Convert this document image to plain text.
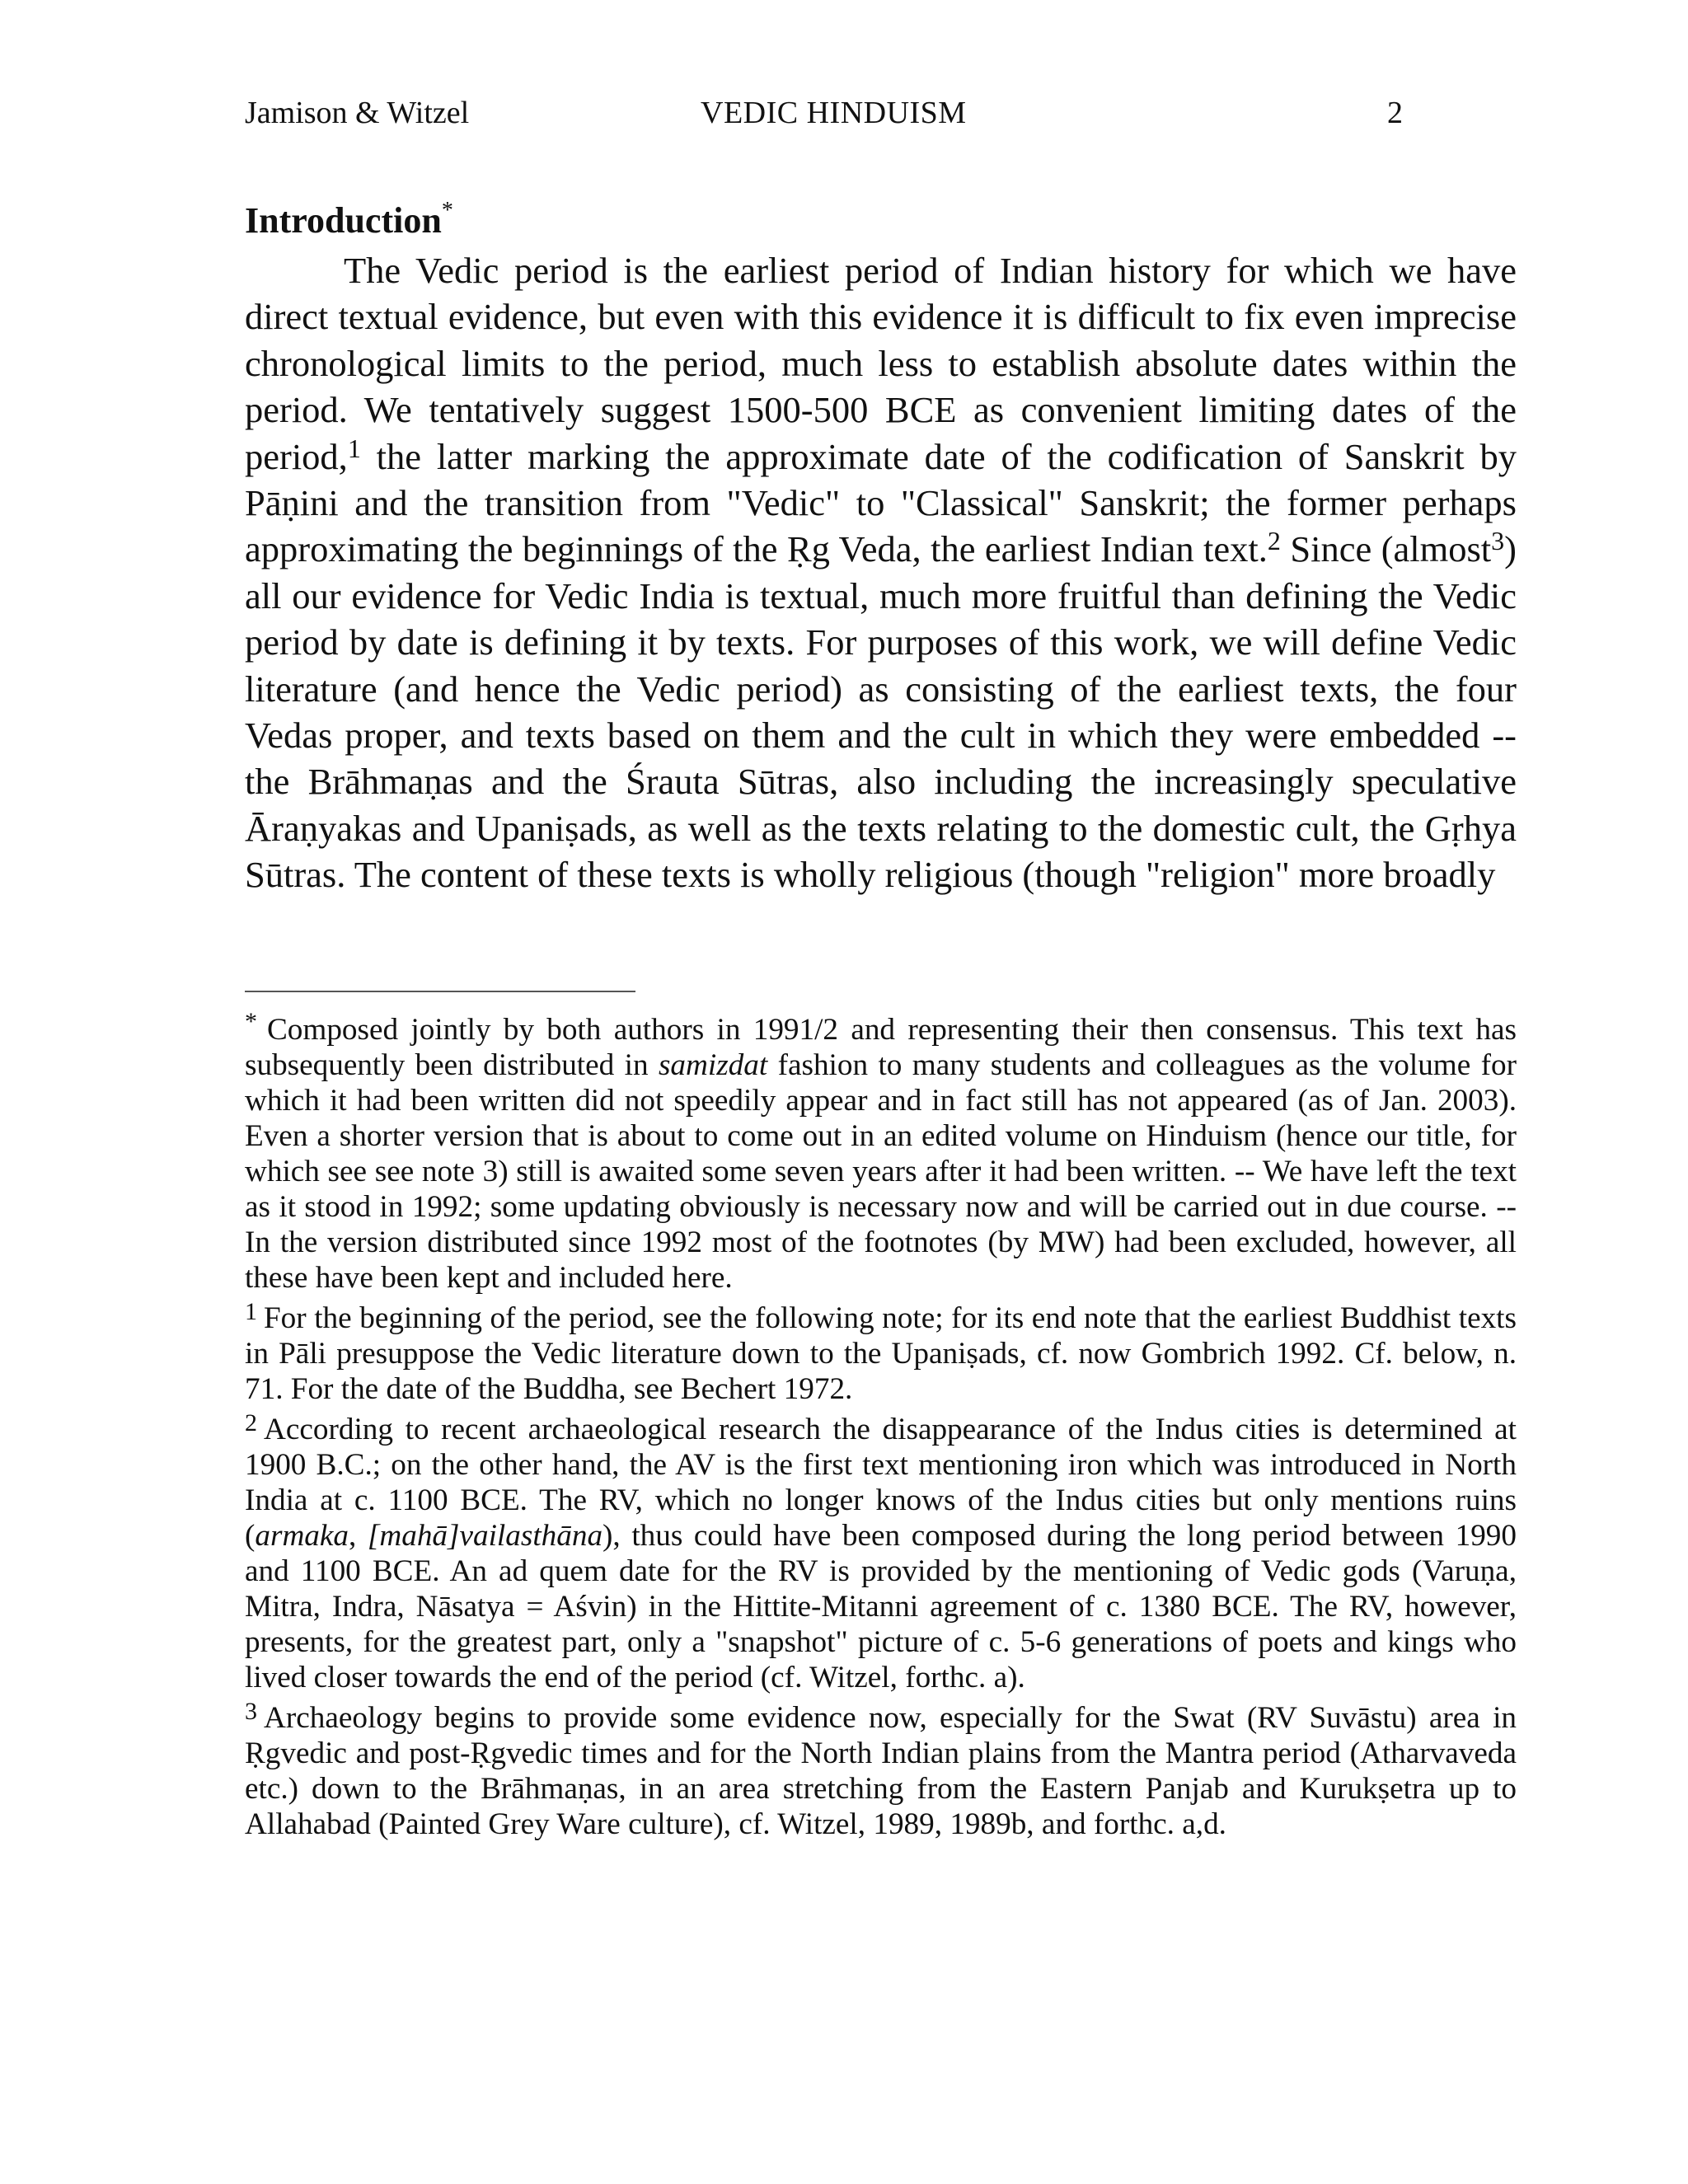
Jamison & Witzel	VEDIC HINDUISM	2
Introduction*

The Vedic period is the earliest period of Indian history for which we have direct textual evidence, but even with this evidence it is difficult to fix even imprecise chronological limits to the period, much less to establish absolute dates within the period. We tentatively suggest 1500-500 BCE as convenient limiting dates of the period,$^1$ the latter marking the approximate date of the codification of Sanskrit by Pāṇini and the transition from "Vedic" to "Classical" Sanskrit; the former perhaps approximating the beginnings of the Ṛg Veda, the earliest Indian text.$^2$ Since (almost$^3$) all our evidence for Vedic India is textual, much more fruitful than defining the Vedic period by date is defining it by texts. For purposes of this work, we will define Vedic literature (and hence the Vedic period) as consisting of the earliest texts, the four Vedas proper, and texts based on them and the cult in which they were embedded -- the Brāhmaṇas and the Śrauta Sūtras, also including the increasingly speculative Āraṇyakas and Upaniṣads, as well as the texts relating to the domestic cult, the Gṛhya Sūtras. The content of these texts is wholly religious (though "religion" more broadly

* Composed jointly by both authors in 1991/2 and representing their then consensus. This text has subsequently been distributed in samizdat fashion to many students and colleagues as the volume for which it had been written did not speedily appear and in fact still has not appeared (as of Jan. 2003). Even a shorter version that is about to come out in an edited volume on Hinduism (hence our title, for which see see note 3) still is awaited some seven years after it had been written. -- We have left the text as it stood in 1992; some updating obviously is necessary now and will be carried out in due course. -- In the version distributed since 1992 most of the footnotes (by MW) had been excluded, however, all these have been kept and included here.

$^1$ For the beginning of the period, see the following note; for its end note that the earliest Buddhist texts in Pāli presuppose the Vedic literature down to the Upaniṣads, cf. now Gombrich 1992. Cf. below, n. 71. For the date of the Buddha, see Bechert 1972.

$^2$ According to recent archaeological research the disappearance of the Indus cities is determined at 1900 B.C.; on the other hand, the AV is the first text mentioning iron which was introduced in North India at c. 1100 BCE. The RV, which no longer knows of the Indus cities but only mentions ruins (armaka, [mahā]vailasthāna), thus could have been composed during the long period between 1990 and 1100 BCE. An ad quem date for the RV is provided by the mentioning of Vedic gods (Varuṇa, Mitra, Indra, Nāsatya = Aśvin) in the Hittite-Mitanni agreement of c. 1380 BCE. The RV, however, presents, for the greatest part, only a "snapshot" picture of c. 5-6 generations of poets and kings who lived closer towards the end of the period (cf. Witzel, forthc. a).

$^3$ Archaeology begins to provide some evidence now, especially for the Swat (RV Suvāstu) area in Ṛgvedic and post-Ṛgvedic times and for the North Indian plains from the Mantra period (Atharvaveda etc.) down to the Brāhmaṇas, in an area stretching from the Eastern Panjab and Kurukṣetra up to Allahabad (Painted Grey Ware culture), cf. Witzel, 1989, 1989b, and forthc. a,d.
